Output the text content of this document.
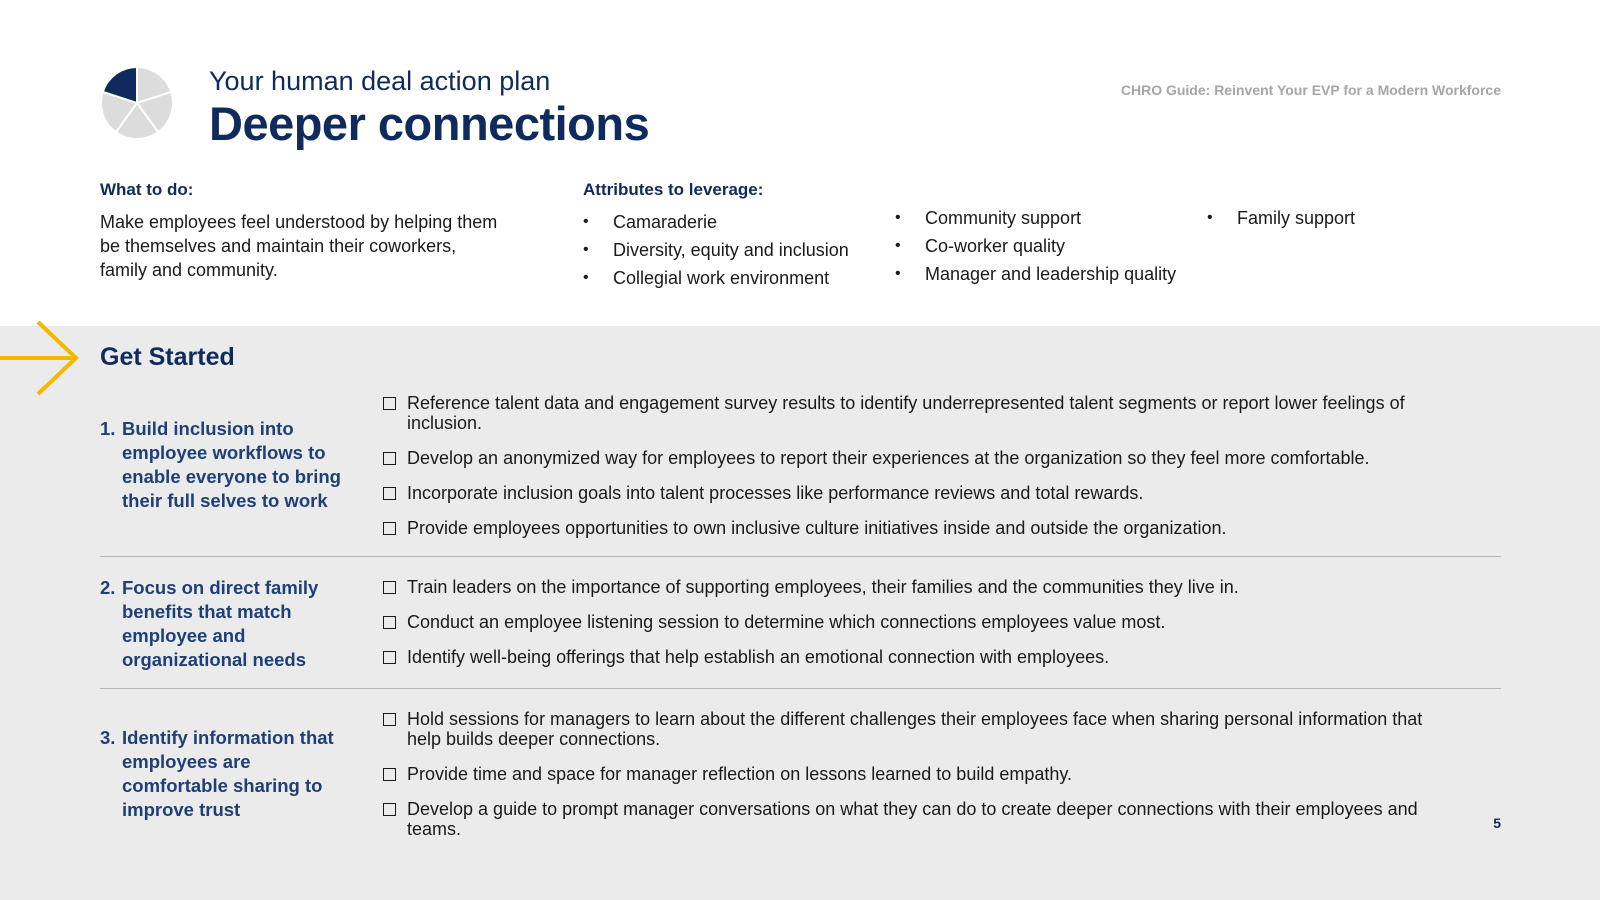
Your human deal action plan
Deeper connections
CHRO Guide: Reinvent Your EVP for a Modern Workforce
What to do:
Make employees feel understood by helping them be themselves and maintain their coworkers, family and community.
Attributes to leverage:
• Camaraderie
• Diversity, equity and inclusion
• Collegial work environment
• Community support
• Co-worker quality
• Manager and leadership quality
• Family support
Get Started
1. Build inclusion into employee workflows to enable everyone to bring their full selves to work
Reference talent data and engagement survey results to identify underrepresented talent segments or report lower feelings of inclusion.
Develop an anonymized way for employees to report their experiences at the organization so they feel more comfortable.
Incorporate inclusion goals into talent processes like performance reviews and total rewards.
Provide employees opportunities to own inclusive culture initiatives inside and outside the organization.
2. Focus on direct family benefits that match employee and organizational needs
Train leaders on the importance of supporting employees, their families and the communities they live in.
Conduct an employee listening session to determine which connections employees value most.
Identify well-being offerings that help establish an emotional connection with employees.
3. Identify information that employees are comfortable sharing to improve trust
Hold sessions for managers to learn about the different challenges their employees face when sharing personal information that help builds deeper connections.
Provide time and space for manager reflection on lessons learned to build empathy.
Develop a guide to prompt manager conversations on what they can do to create deeper connections with their employees and teams.	5
